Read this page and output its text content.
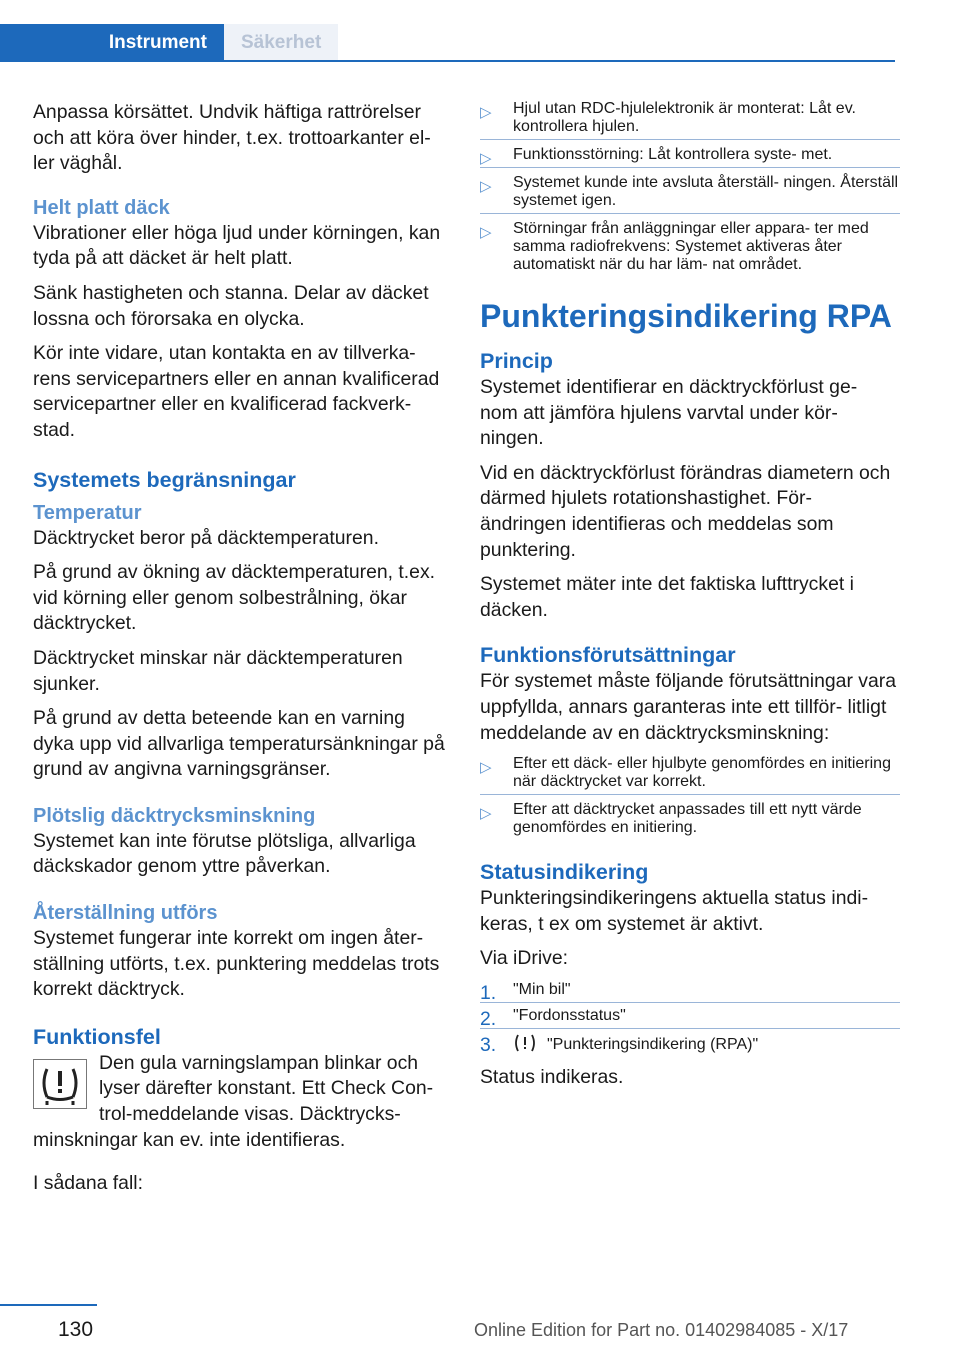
Instrument	Säkerhet

Anpassa körsättet. Undvik häftiga rattrörelser och att köra över hinder, t.ex. trottoarkanter el‐ ler väghål.

Helt platt däck

Vibrationer eller höga ljud under körningen, kan tyda på att däcket är helt platt.

Sänk hastigheten och stanna. Delar av däcket lossna och förorsaka en olycka.

Kör inte vidare, utan kontakta en av tillverka‐ rens servicepartners eller en annan kvalificerad servicepartner eller en kvalificerad fackverk‐ stad.

Systemets begränsningar
Temperatur

Däcktrycket beror på däcktemperaturen.

På grund av ökning av däcktemperaturen, t.ex. vid körning eller genom solbestrålning, ökar däcktrycket.

Däcktrycket minskar när däcktemperaturen sjunker.

På grund av detta beteende kan en varning dyka upp vid allvarliga temperatursänkningar på grund av angivna varningsgränser.

Plötslig däcktrycksminskning

Systemet kan inte förutse plötsliga, allvarliga däckskador genom yttre påverkan.

Återställning utförs

Systemet fungerar inte korrekt om ingen åter‐ ställning utförts, t.ex. punktering meddelas trots korrekt däcktryck.

Funktionsfel

Den gula varningslampan blinkar och lyser därefter konstant. Ett Check Con‐ trol-meddelande visas. Däcktrycks‐ minskningar kan ev. inte identifieras.

I sådana fall:

▷ Hjul utan RDC-hjulelektronik är monterat: Låt ev. kontrollera hjulen.
▷ Funktionsstörning: Låt kontrollera syste‐ met.
▷ Systemet kunde inte avsluta återställ‐ ningen. Återställ systemet igen.
▷ Störningar från anläggningar eller appara‐ ter med samma radiofrekvens: Systemet aktiveras åter automatiskt när du har läm‐ nat området.
Punkteringsindikering RPA
Princip

Systemet identifierar en däcktryckförlust ge‐ nom att jämföra hjulens varvtal under kör‐ ningen.

Vid en däcktryckförlust förändras diametern och därmed hjulets rotationshastighet. För‐ ändringen identifieras och meddelas som punktering.

Systemet mäter inte det faktiska lufttrycket i däcken.

Funktionsförutsättningar

För systemet måste följande förutsättningar vara uppfyllda, annars garanteras inte ett tillför‐ litligt meddelande av en däcktrycksminskning:

▷ Efter ett däck- eller hjulbyte genomfördes en initiering när däcktrycket var korrekt.
▷ Efter att däcktrycket anpassades till ett nytt värde genomfördes en initiering.
Statusindikering

Punkteringsindikeringens aktuella status indi‐ keras, t ex om systemet är aktivt.

Via iDrive:

1. "Min bil"
2. "Fordonsstatus"
3.	"Punkteringsindikering (RPA)"

Status indikeras.

130	Online Edition for Part no. 01402984085 - X/17
